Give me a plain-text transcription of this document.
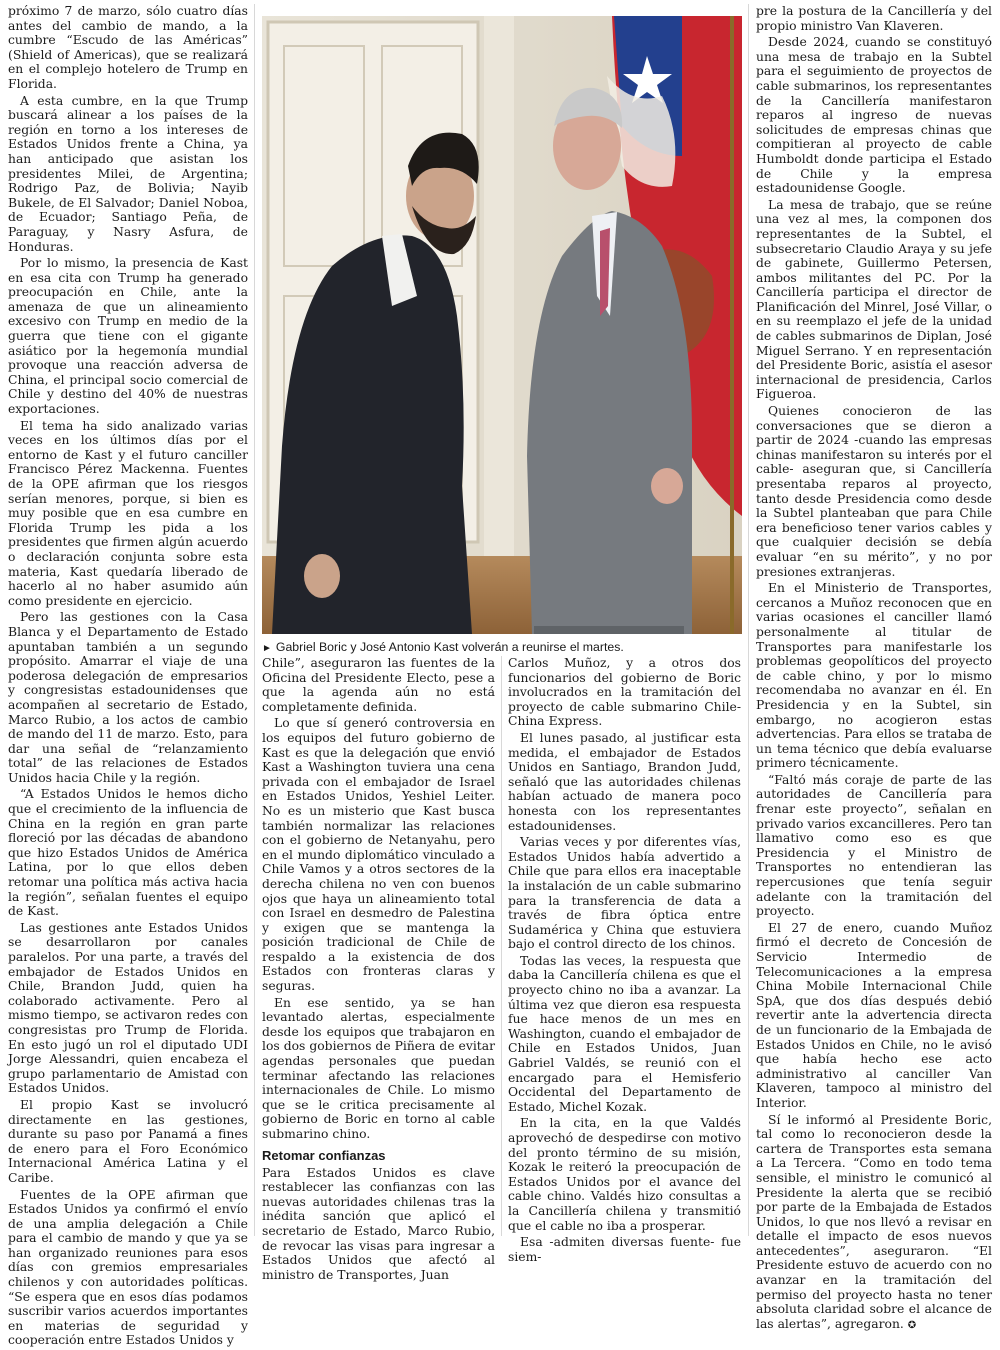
próximo 7 de marzo, sólo cuatro días antes del cambio de mando, a la cumbre “Escudo de las Américas” (Shield of Americas), que se realizará en el complejo hotelero de Trump en Florida.

A esta cumbre, en la que Trump buscará alinear a los países de la región en torno a los intereses de Estados Unidos frente a China, ya han anticipado que asistan los presidentes Milei, de Argentina; Rodrigo Paz, de Bolivia; Nayib Bukele, de El Salvador; Daniel Noboa, de Ecuador; Santiago Peña, de Paraguay, y Nasry Asfura, de Honduras.

Por lo mismo, la presencia de Kast en esa cita con Trump ha generado preocupación en Chile, ante la amenaza de que un alineamiento excesivo con Trump en medio de la guerra que tiene con el gigante asiático por la hegemonía mundial provoque una reacción adversa de China, el principal socio comercial de Chile y destino del 40% de nuestras exportaciones.

El tema ha sido analizado varias veces en los últimos días por el entorno de Kast y el futuro canciller Francisco Pérez Mackenna. Fuentes de la OPE afirman que los riesgos serían menores, porque, si bien es muy posible que en esa cumbre en Florida Trump les pida a los presidentes que firmen algún acuerdo o declaración conjunta sobre esta materia, Kast quedaría liberado de hacerlo al no haber asumido aún como presidente en ejercicio.

Pero las gestiones con la Casa Blanca y el Departamento de Estado apuntaban también a un segundo propósito. Amarrar el viaje de una poderosa delegación de empresarios y congresistas estadounidenses que acompañen al secretario de Estado, Marco Rubio, a los actos de cambio de mando del 11 de marzo. Esto, para dar una señal de “relanzamiento total” de las relaciones de Estados Unidos hacia Chile y la región.

“A Estados Unidos le hemos dicho que el crecimiento de la influencia de China en la región en gran parte floreció por las décadas de abandono que hizo Estados Unidos de América Latina, por lo que ellos deben retomar una política más activa hacia la región”, señalan fuentes el equipo de Kast.

Las gestiones ante Estados Unidos se desarrollaron por canales paralelos. Por una parte, a través del embajador de Estados Unidos en Chile, Brandon Judd, quien ha colaborado activamente. Pero al mismo tiempo, se activaron redes con congresistas pro Trump de Florida. En esto jugó un rol el diputado UDI Jorge Alessandri, quien encabeza el grupo parlamentario de Amistad con Estados Unidos.

El propio Kast se involucró directamente en las gestiones, durante su paso por Panamá a fines de enero para el Foro Económico Internacional América Latina y el Caribe.

Fuentes de la OPE afirman que Estados Unidos ya confirmó el envío de una amplia delegación a Chile para el cambio de mando y que ya se han organizado reuniones para esos días con gremios empresariales chilenos y con autoridades políticas. “Se espera que en esos días podamos suscribir varios acuerdos importantes en materias de seguridad y cooperación entre Estados Unidos y

► Gabriel Boric y José Antonio Kast volverán a reunirse el martes.

Chile”, aseguraron las fuentes de la Oficina del Presidente Electo, pese a que la agenda aún no está completamente definida.

Lo que sí generó controversia en los equipos del futuro gobierno de Kast es que la delegación que envió Kast a Washington tuviera una cena privada con el embajador de Israel en Estados Unidos, Yeshiel Leiter. No es un misterio que Kast busca también normalizar las relaciones con el gobierno de Netanyahu, pero en el mundo diplomático vinculado a Chile Vamos y a otros sectores de la derecha chilena no ven con buenos ojos que haya un alineamiento total con Israel en desmedro de Palestina y exigen que se mantenga la posición tradicional de Chile de respaldo a la existencia de dos Estados con fronteras claras y seguras.

En ese sentido, ya se han levantado alertas, especialmente desde los equipos que trabajaron en los dos gobiernos de Piñera de evitar agendas personales que puedan terminar afectando las relaciones internacionales de Chile. Lo mismo que se le critica precisamente al gobierno de Boric en torno al cable submarino chino.

Retomar confianzas

Para Estados Unidos es clave restablecer las confianzas con las nuevas autoridades chilenas tras la inédita sanción que aplicó el secretario de Estado, Marco Rubio, de revocar las visas para ingresar a Estados Unidos que afectó al ministro de Transportes, Juan

Carlos Muñoz, y a otros dos funcionarios del gobierno de Boric involucrados en la tramitación del proyecto de cable submarino Chile-China Express.

El lunes pasado, al justificar esta medida, el embajador de Estados Unidos en Santiago, Brandon Judd, señaló que las autoridades chilenas habían actuado de manera poco honesta con los representantes estadounidenses.

Varias veces y por diferentes vías, Estados Unidos había advertido a Chile que para ellos era inaceptable la instalación de un cable submarino para la transferencia de data a través de fibra óptica entre Sudamérica y China que estuviera bajo el control directo de los chinos.

Todas las veces, la respuesta que daba la Cancillería chilena es que el proyecto chino no iba a avanzar. La última vez que dieron esa respuesta fue hace menos de un mes en Washington, cuando el embajador de Chile en Estados Unidos, Juan Gabriel Valdés, se reunió con el encargado para el Hemisferio Occidental del Departamento de Estado, Michel Kozak.

En la cita, en la que Valdés aprovechó de despedirse con motivo del pronto término de su misión, Kozak le reiteró la preocupación de Estados Unidos por el avance del cable chino. Valdés hizo consultas a la Cancillería chilena y transmitió que el cable no iba a prosperar.

Esa -admiten diversas fuente- fue siem-

pre la postura de la Cancillería y del propio ministro Van Klaveren.

Desde 2024, cuando se constituyó una mesa de trabajo en la Subtel para el seguimiento de proyectos de cable submarinos, los representantes de la Cancillería manifestaron reparos al ingreso de nuevas solicitudes de empresas chinas que compitieran al proyecto de cable Humboldt donde participa el Estado de Chile y la empresa estadounidense Google.

La mesa de trabajo, que se reúne una vez al mes, la componen dos representantes de la Subtel, el subsecretario Claudio Araya y su jefe de gabinete, Guillermo Petersen, ambos militantes del PC. Por la Cancillería participa el director de Planificación del Minrel, José Villar, o en su reemplazo el jefe de la unidad de cables submarinos de Diplan, José Miguel Serrano. Y en representación del Presidente Boric, asistía el asesor internacional de presidencia, Carlos Figueroa.

Quienes conocieron de las conversaciones que se dieron a partir de 2024 -cuando las empresas chinas manifestaron su interés por el cable- aseguran que, si Cancillería presentaba reparos al proyecto, tanto desde Presidencia como desde la Subtel planteaban que para Chile era beneficioso tener varios cables y que cualquier decisión se debía evaluar “en su mérito”, y no por presiones extranjeras.

En el Ministerio de Transportes, cercanos a Muñoz reconocen que en varias ocasiones el canciller llamó personalmente al titular de Transportes para manifestarle los problemas geopolíticos del proyecto de cable chino, y por lo mismo recomendaba no avanzar en él. En Presidencia y en la Subtel, sin embargo, no acogieron estas advertencias. Para ellos se trataba de un tema técnico que debía evaluarse primero técnicamente.

“Faltó más coraje de parte de las autoridades de Cancillería para frenar este proyecto”, señalan en privado varios excancilleres. Pero tan llamativo como eso es que Presidencia y el Ministro de Transportes no entendieran las repercusiones que tenía seguir adelante con la tramitación del proyecto.

El 27 de enero, cuando Muñoz firmó el decreto de Concesión de Servicio Intermedio de Telecomunicaciones a la empresa China Mobile Internacional Chile SpA, que dos días después debió revertir ante la advertencia directa de un funcionario de la Embajada de Estados Unidos en Chile, no le avisó que había hecho ese acto administrativo al canciller Van Klaveren, tampoco al ministro del Interior.

Sí le informó al Presidente Boric, tal como lo reconocieron desde la cartera de Transportes esta semana a La Tercera. “Como en todo tema sensible, el ministro le comunicó al Presidente la alerta que se recibió por parte de la Embajada de Estados Unidos, lo que nos llevó a revisar en detalle el impacto de esos nuevos antecedentes”, aseguraron. “El Presidente estuvo de acuerdo con no avanzar en la tramitación del permiso del proyecto hasta no tener absoluta claridad sobre el alcance de las alertas”, agregaron. ✪
